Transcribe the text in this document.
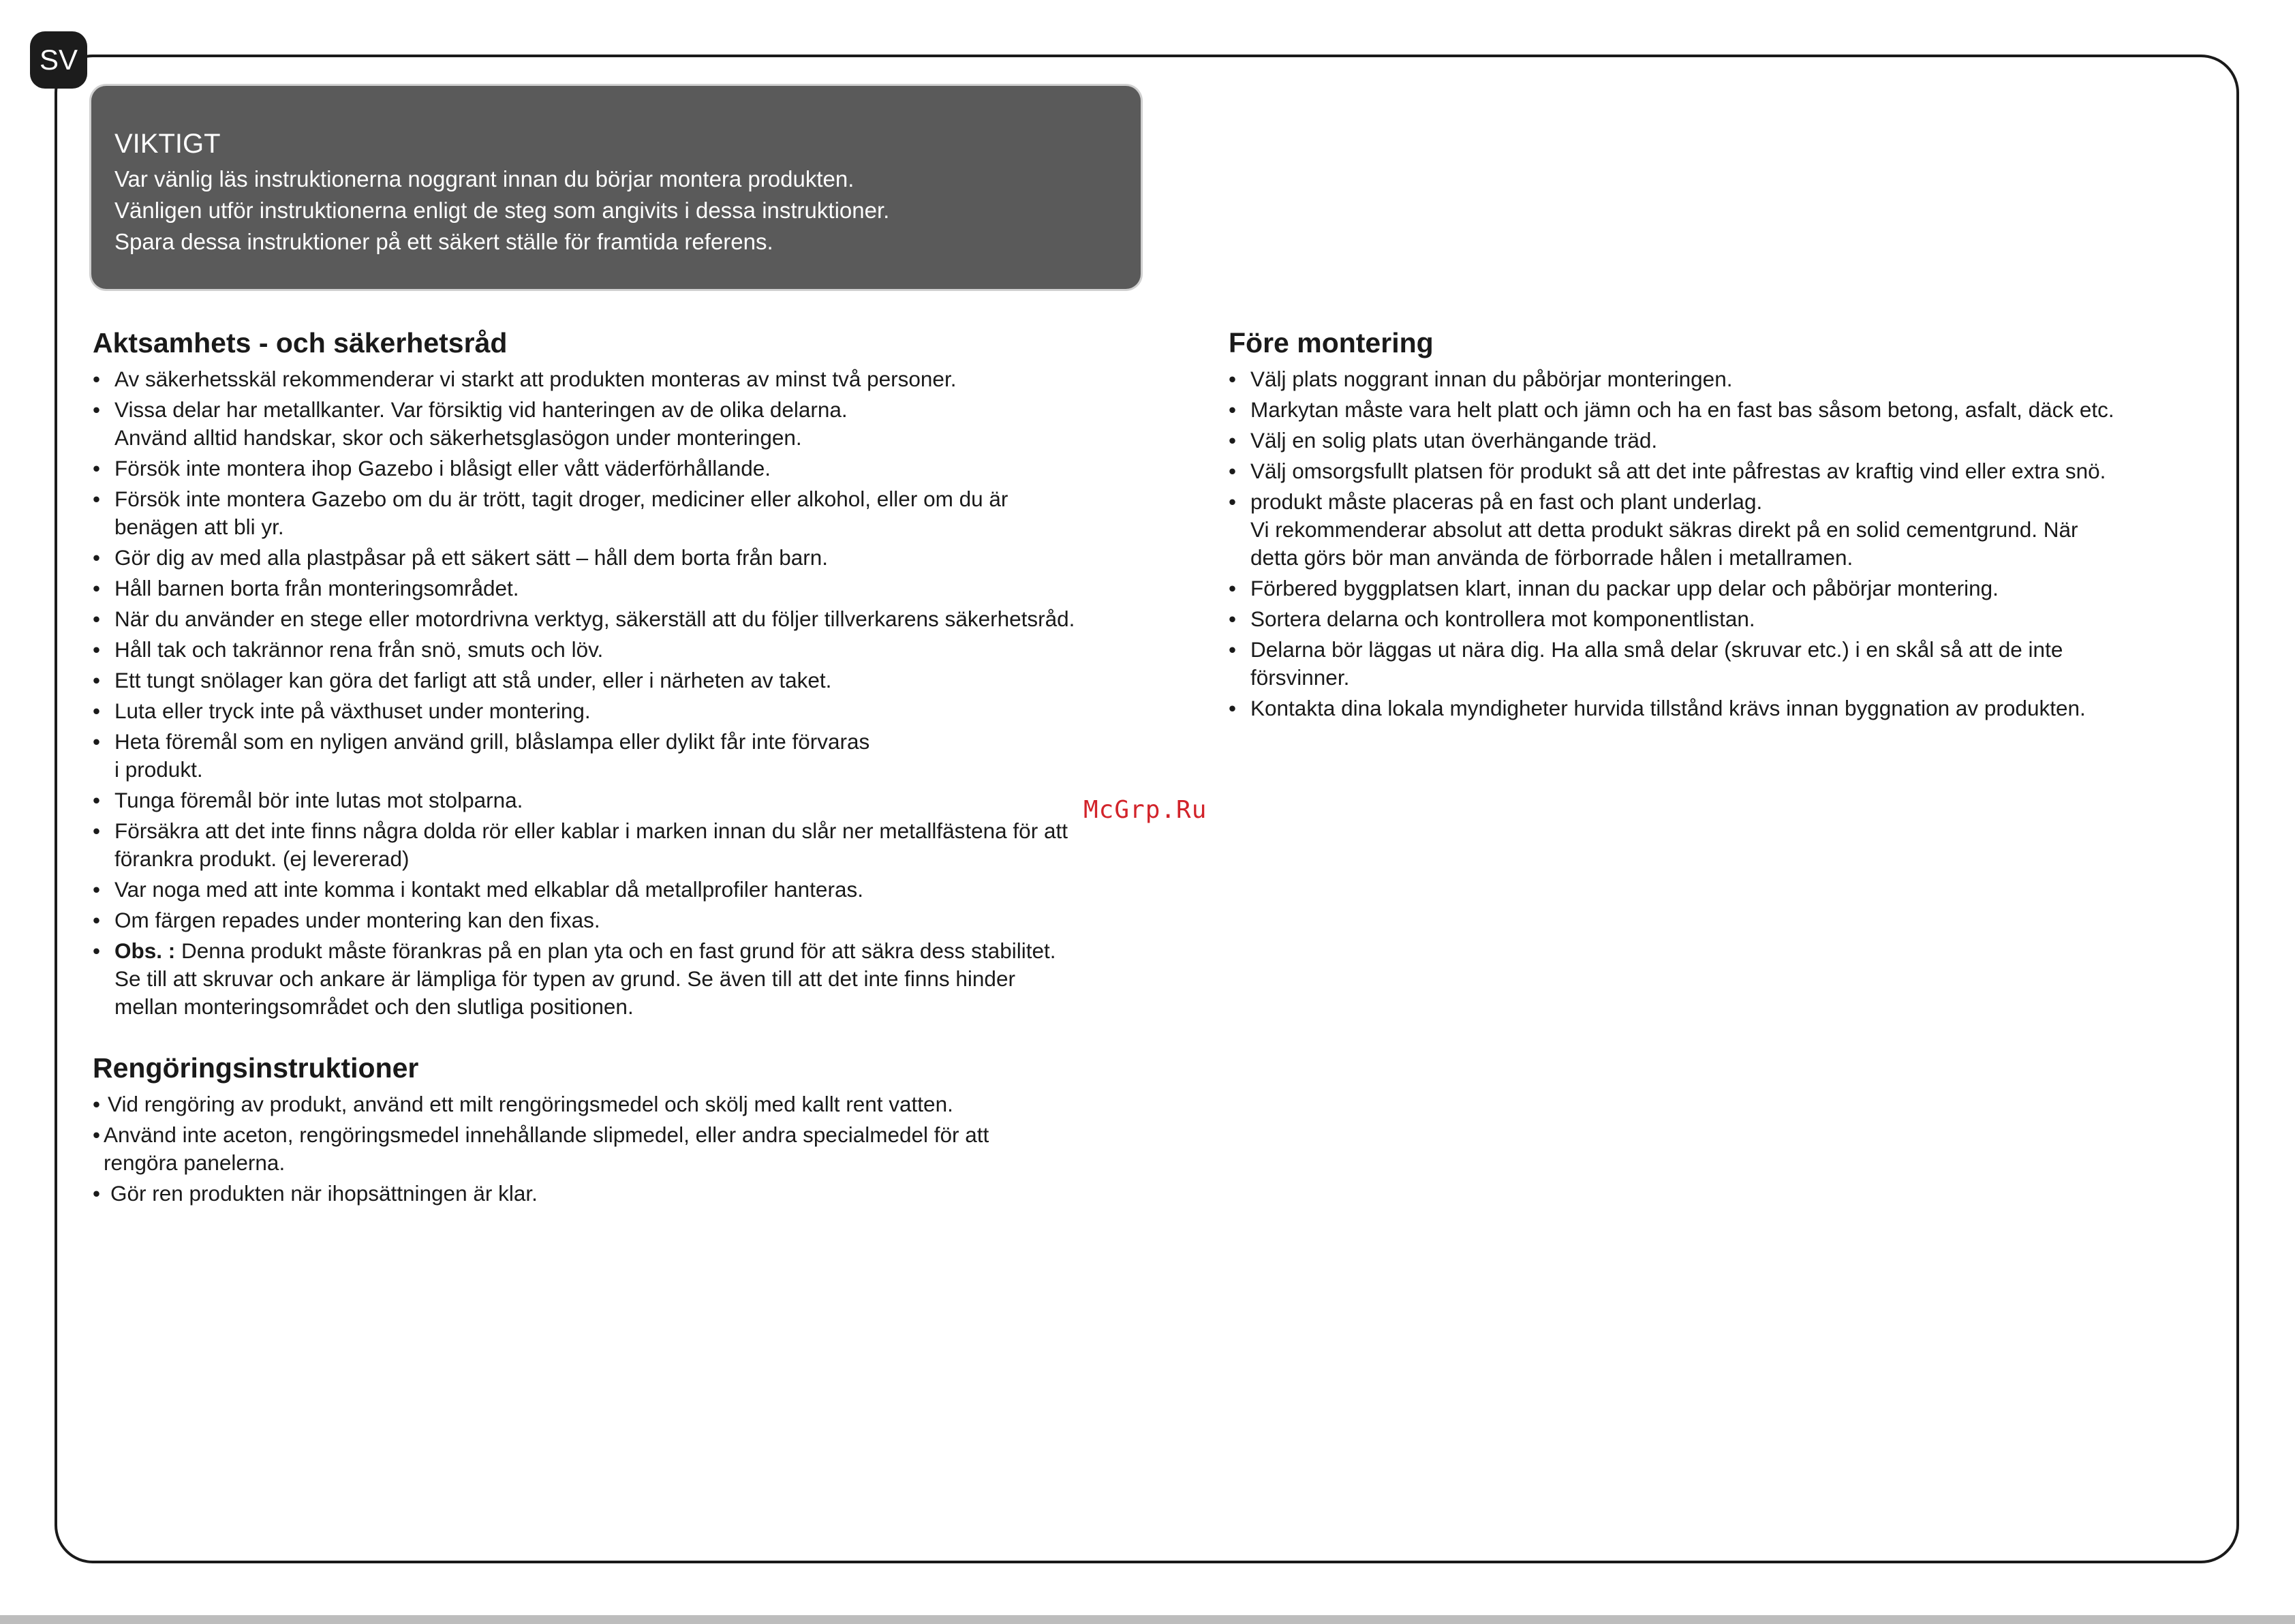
SV
VIKTIGT
Var vänlig läs instruktionerna noggrant innan du börjar montera produkten.
Vänligen utför instruktionerna enligt de steg som angivits i dessa instruktioner.
Spara dessa instruktioner på ett säkert ställe för framtida referens.
Aktsamhets - och säkerhetsråd
• Av säkerhetsskäl rekommenderar vi starkt att produkten monteras av minst två personer.
• Vissa delar har metallkanter. Var försiktig vid hanteringen av de olika delarna.
Använd alltid handskar, skor och säkerhetsglasögon under monteringen.
• Försök inte montera ihop Gazebo i blåsigt eller vått väderförhållande.
• Försök inte montera Gazebo om du är trött, tagit droger, mediciner eller alkohol, eller om du är
benägen att bli yr.
• Gör dig av med alla plastpåsar på ett säkert sätt – håll dem borta från barn.
• Håll barnen borta från monteringsområdet.
• När du använder en stege eller motordrivna verktyg, säkerställ att du följer tillverkarens säkerhetsråd.
• Håll tak och takrännor rena från snö, smuts och löv.
• Ett tungt snölager kan göra det farligt att stå under, eller i närheten av taket.
• Luta eller tryck inte på växthuset under montering.
• Heta föremål som en nyligen använd grill, blåslampa eller dylikt får inte förvaras
i produkt.
• Tunga föremål bör inte lutas mot stolparna.
• Försäkra att det inte finns några dolda rör eller kablar i marken innan du slår ner metallfästena för att
förankra produkt. (ej levererad)
• Var noga med att inte komma i kontakt med elkablar då metallprofiler hanteras.
• Om färgen repades under montering kan den fixas.
• Obs. : Denna produkt måste förankras på en plan yta och en fast grund för att säkra dess stabilitet.
Se till att skruvar och ankare är lämpliga för typen av grund. Se även till att det inte finns hinder
mellan monteringsområdet och den slutliga positionen.
Rengöringsinstruktioner
• Vid rengöring av produkt, använd ett milt rengöringsmedel och skölj med kallt rent vatten.
• Använd inte aceton, rengöringsmedel innehållande slipmedel, eller andra specialmedel för att
rengöra panelerna.
• Gör ren produkten när ihopsättningen är klar.
Före montering
• Välj plats noggrant innan du påbörjar monteringen.
• Markytan måste vara helt platt och jämn och ha en fast bas såsom betong, asfalt, däck etc.
• Välj en solig plats utan överhängande träd.
• Välj omsorgsfullt platsen för produkt så att det inte påfrestas av kraftig vind eller extra snö.
• produkt måste placeras på en fast och plant underlag.
Vi rekommenderar absolut att detta produkt säkras direkt på en solid cementgrund. När
detta görs bör man använda de förborrade hålen i metallramen.
• Förbered byggplatsen klart, innan du packar upp delar och påbörjar montering.
• Sortera delarna och kontrollera mot komponentlistan.
• Delarna bör läggas ut nära dig. Ha alla små delar (skruvar etc.) i en skål så att de inte
försvinner.
• Kontakta dina lokala myndigheter hurvida tillstånd krävs innan byggnation av produkten.
McGrp.Ru
